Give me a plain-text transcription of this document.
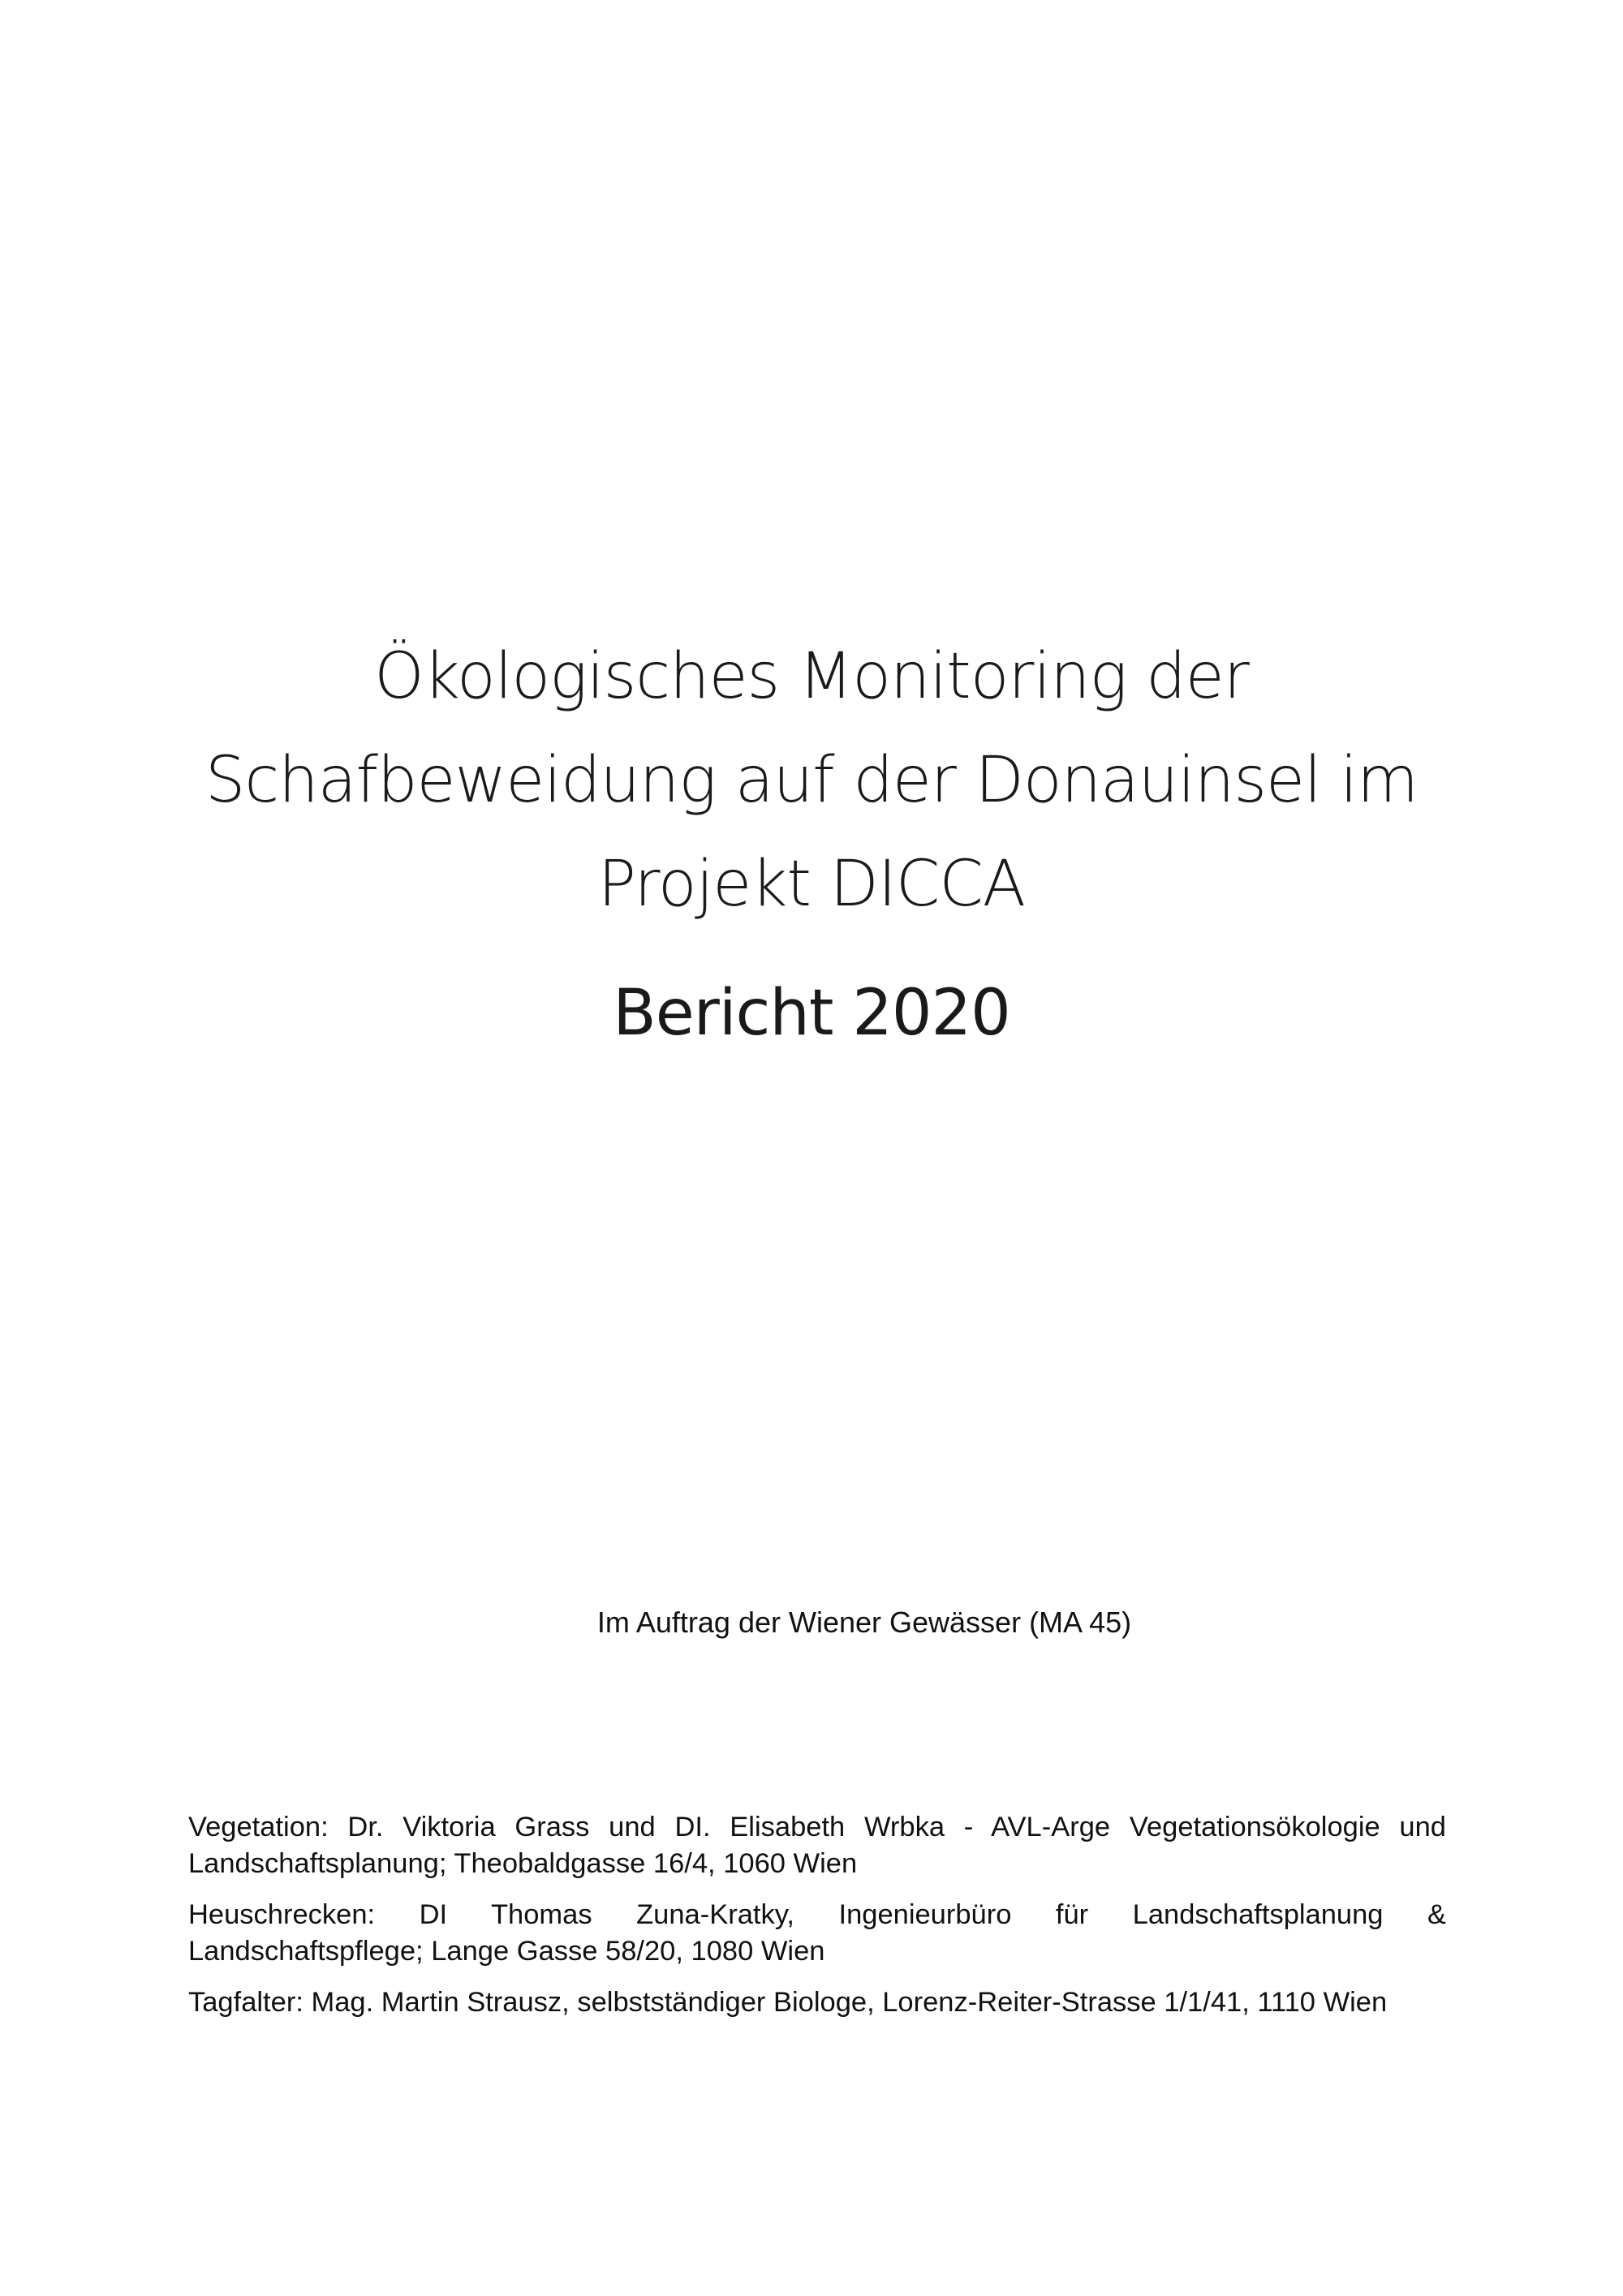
Ökologisches Monitoring der
Schafbeweidung auf der Donauinsel im
Projekt DICCA
Bericht 2020
Im Auftrag der Wiener Gewässer (MA 45)
Vegetation: Dr. Viktoria Grass und DI. Elisabeth Wrbka - AVL-Arge Vegetationsökologie und
Landschaftsplanung; Theobaldgasse 16/4, 1060 Wien
Heuschrecken: DI Thomas Zuna-Kratky, Ingenieurbüro für Landschaftsplanung &
Landschaftspflege; Lange Gasse 58/20, 1080 Wien
Tagfalter: Mag. Martin Strausz, selbstständiger Biologe, Lorenz-Reiter-Strasse 1/1/41, 1110 Wien
